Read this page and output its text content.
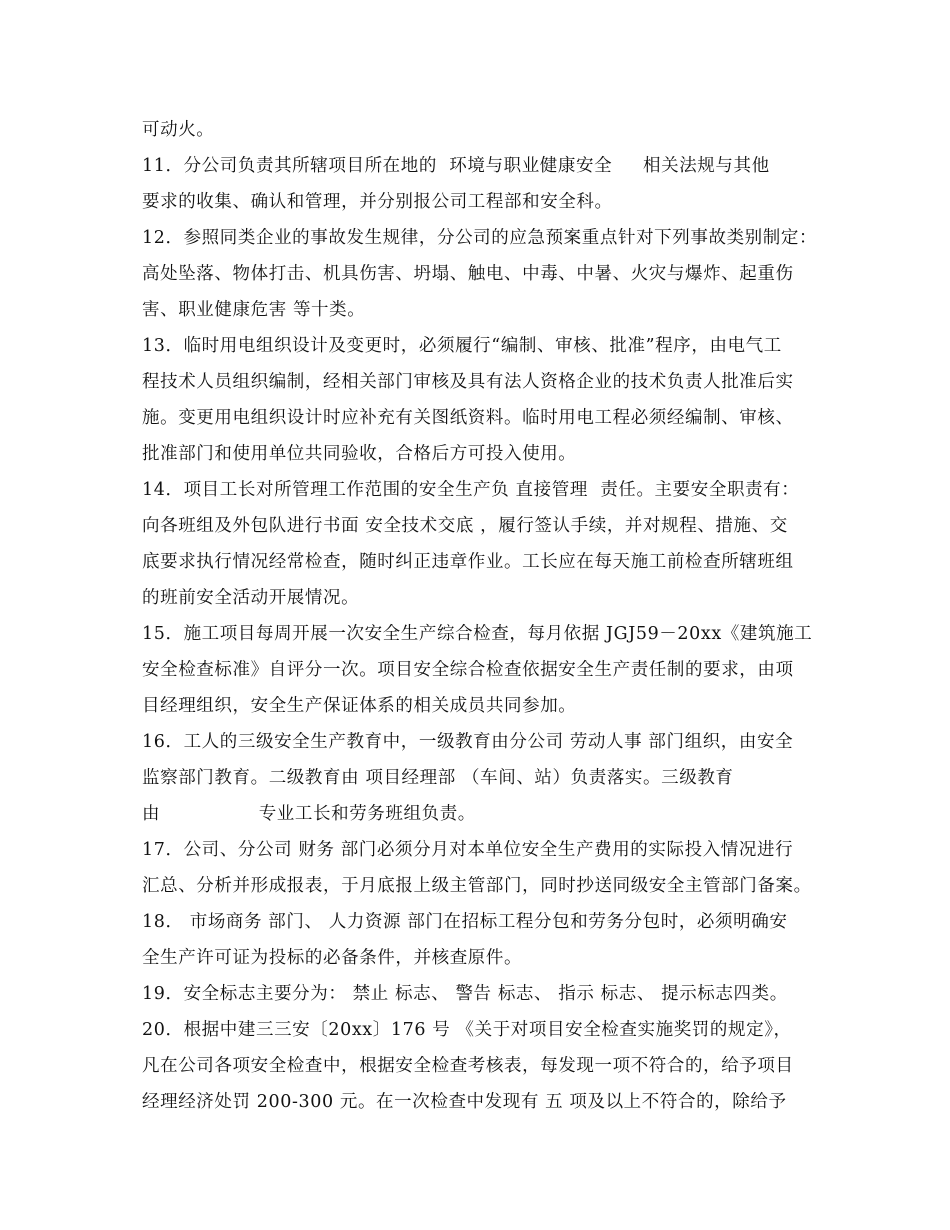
可动火。
11．分公司负责其所辖项目所在地的  环境与职业健康安全     相关法规与其他
要求的收集、确认和管理，并分别报公司工程部和安全科。
12．参照同类企业的事故发生规律，分公司的应急预案重点针对下列事故类别制定：
高处坠落、物体打击、机具伤害、坍塌、触电、中毒、中暑、火灾与爆炸、起重伤
害、职业健康危害 等十类。
13．临时用电组织设计及变更时，必须履行“编制、审核、批准”程序，由电气工
程技术人员组织编制，经相关部门审核及具有法人资格企业的技术负责人批准后实
施。变更用电组织设计时应补充有关图纸资料。临时用电工程必须经编制、审核、
批准部门和使用单位共同验收，合格后方可投入使用。
14．项目工长对所管理工作范围的安全生产负 直接管理  责任。主要安全职责有：
向各班组及外包队进行书面 安全技术交底 ，履行签认手续，并对规程、措施、交
底要求执行情况经常检查，随时纠正违章作业。工长应在每天施工前检查所辖班组
的班前安全活动开展情况。
15．施工项目每周开展一次安全生产综合检查，每月依据 JGJ59－20xx《建筑施工
安全检查标准》自评分一次。项目安全综合检查依据安全生产责任制的要求，由项
目经理组织，安全生产保证体系的相关成员共同参加。
16．工人的三级安全生产教育中，一级教育由分公司 劳动人事 部门组织，由安全
监察部门教育。二级教育由 项目经理部 （车间、站）负责落实。三级教育
由                专业工长和劳务班组负责。
17．公司、分公司 财务 部门必须分月对本单位安全生产费用的实际投入情况进行
汇总、分析并形成报表，于月底报上级主管部门，同时抄送同级安全主管部门备案。
18． 市场商务 部门、 人力资源 部门在招标工程分包和劳务分包时，必须明确安
全生产许可证为投标的必备条件，并核查原件。
19．安全标志主要分为： 禁止 标志、 警告 标志、 指示 标志、 提示标志四类。
20．根据中建三三安〔20xx〕176 号 《关于对项目安全检查实施奖罚的规定》，
凡在公司各项安全检查中，根据安全检查考核表，每发现一项不符合的，给予项目
经理经济处罚 200-300 元。在一次检查中发现有 五 项及以上不符合的，除给予
